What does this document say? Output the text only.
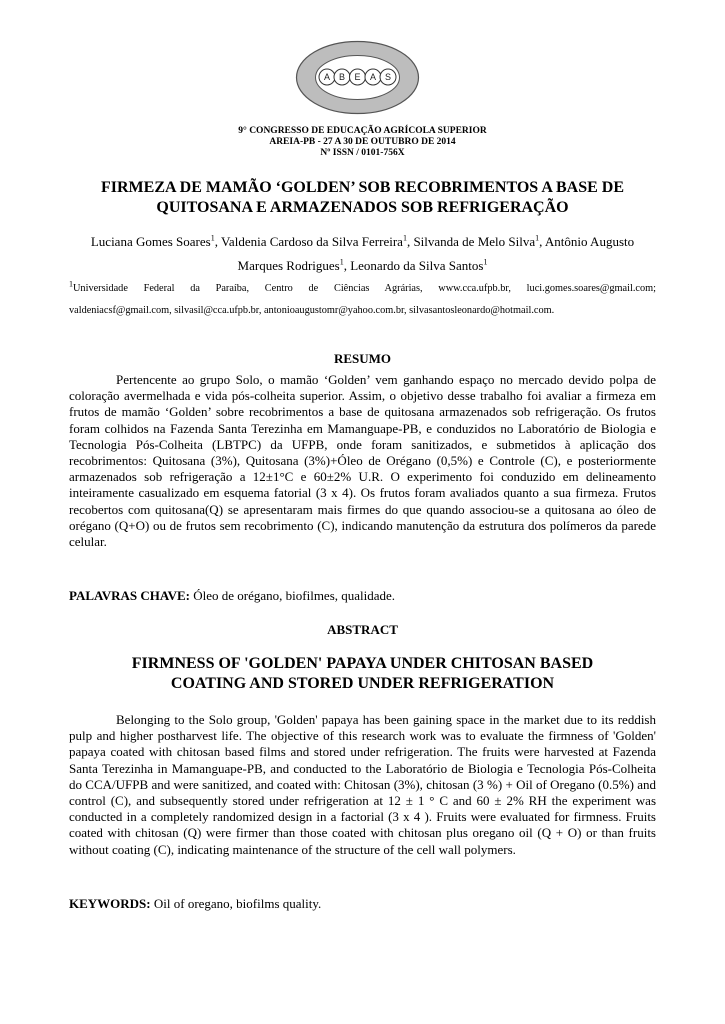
A B E A S
9° CONGRESSO DE EDUCAÇÃO AGRÍCOLA SUPERIOR
AREIA-PB - 27 A 30 DE OUTUBRO DE 2014
Nº ISSN / 0101-756X
FIRMEZA DE MAMÃO ‘GOLDEN’ SOB RECOBRIMENTOS A BASE DE
QUITOSANA E ARMAZENADOS SOB REFRIGERAÇÃO
Luciana Gomes Soares$^1$, Valdenia Cardoso da Silva Ferreira$^1$, Silvanda de Melo Silva$^1$, Antônio Augusto Marques Rodrigues$^1$, Leonardo da Silva Santos$^1$
$^1$Universidade Federal da Paraíba, Centro de Ciências Agrárias, www.cca.ufpb.br, luci.gomes.soares@gmail.com;
valdeniacsf@gmail.com, silvasil@cca.ufpb.br, antonioaugustomr@yahoo.com.br, silvasantosleonardo@hotmail.com.
RESUMO

Pertencente ao grupo Solo, o mamão ‘Golden’ vem ganhando espaço no mercado devido polpa de coloração avermelhada e vida pós-colheita superior. Assim, o objetivo desse trabalho foi avaliar a firmeza em frutos de mamão ‘Golden’ sobre recobrimentos a base de quitosana armazenados sob refrigeração. Os frutos foram colhidos na Fazenda Santa Terezinha em Mamanguape-PB, e conduzidos no Laboratório de Biologia e Tecnologia Pós-Colheita (LBTPC) da UFPB, onde foram sanitizados, e submetidos à aplicação dos recobrimentos: Quitosana (3%), Quitosana (3%)+Óleo de Orégano (0,5%) e Controle (C), e posteriormente armazenados sob refrigeração a 12±1°C e 60±2% U.R. O experimento foi conduzido em delineamento inteiramente casualizado em esquema fatorial (3 x 4). Os frutos foram avaliados quanto a sua firmeza. Frutos recobertos com quitosana(Q) se apresentaram mais firmes do que quando associou-se a quitosana ao óleo de orégano (Q+O) ou de frutos sem recobrimento (C), indicando manutenção da estrutura dos polímeros da parede celular.

PALAVRAS CHAVE: Óleo de orégano, biofilmes, qualidade.
ABSTRACT
FIRMNESS OF 'GOLDEN' PAPAYA UNDER CHITOSAN BASED
COATING AND STORED UNDER REFRIGERATION

Belonging to the Solo group, 'Golden' papaya has been gaining space in the market due to its reddish pulp and higher postharvest life. The objective of this research work was to evaluate the firmness of 'Golden' papaya coated with chitosan based films and stored under refrigeration. The fruits were harvested at Fazenda Santa Terezinha in Mamanguape-PB, and conducted to the Laboratório de Biologia e Tecnologia Pós-Colheita do CCA/UFPB and were sanitized, and coated with: Chitosan (3%), chitosan (3 %) + Oil of Oregano (0.5%) and control (C), and subsequently stored under refrigeration at 12 ± 1 ° C and 60 ± 2% RH the experiment was conducted in a completely randomized design in a factorial (3 x 4 ). Fruits were evaluated for firmness. Fruits coated with chitosan (Q) were firmer than those coated with chitosan plus oregano oil (Q + O) or than fruits without coating (C), indicating maintenance of the structure of the cell wall polymers.

KEYWORDS: Oil of oregano, biofilms quality.
